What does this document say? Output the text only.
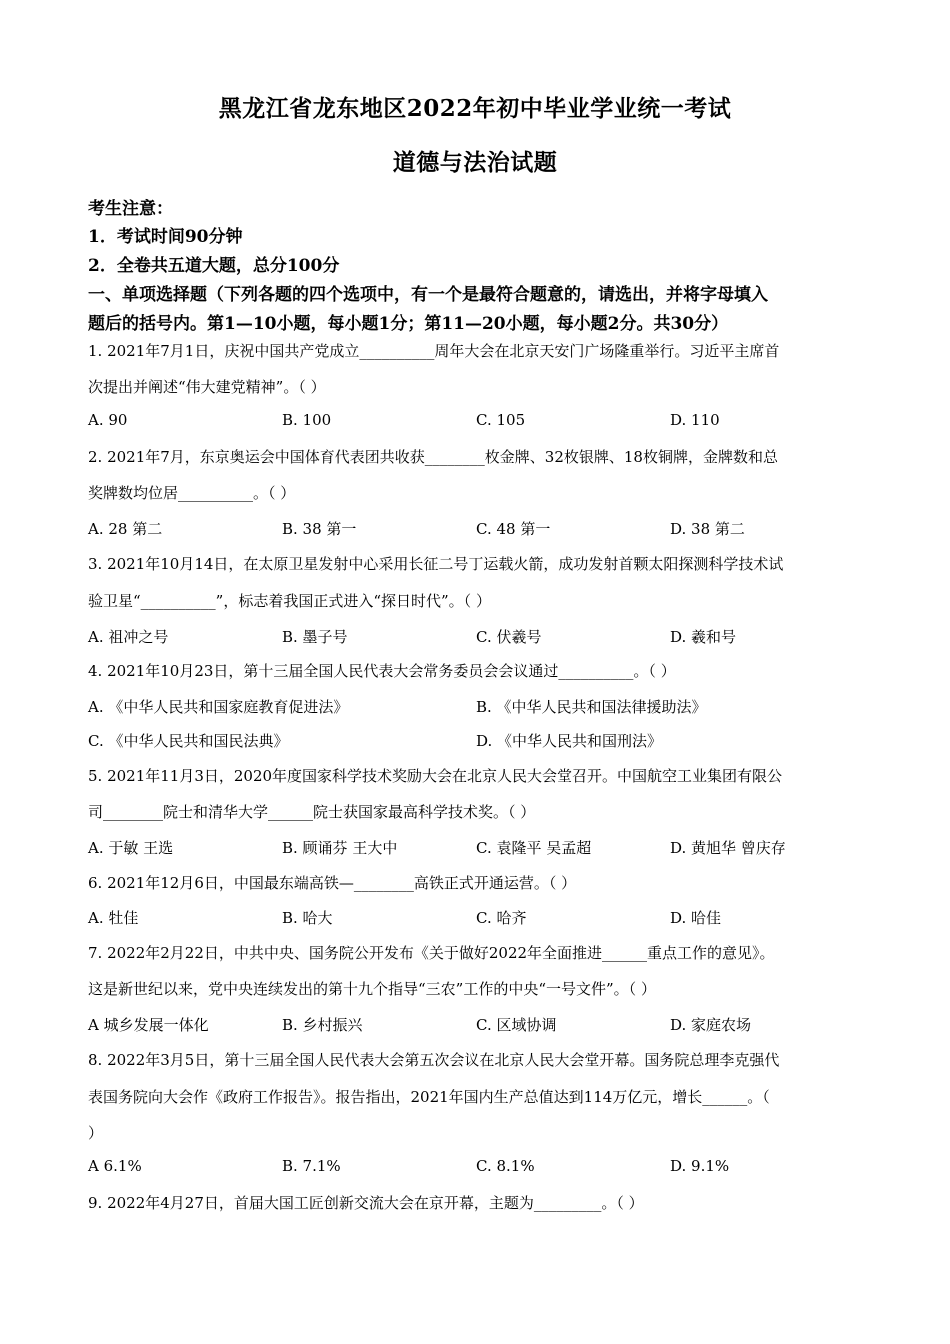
黑龙江省龙东地区2022年初中毕业学业统一考试
道德与法治试题
考生注意：
1．考试时间90分钟
2．全卷共五道大题，总分100分
一、单项选择题（下列各题的四个选项中，有一个是最符合题意的，请选出，并将字母填入
题后的括号内。第1—10小题，每小题1分；第11—20小题，每小题2分。共30分）
1. 2021年7月1日，庆祝中国共产党成立__________周年大会在北京天安门广场隆重举行。习近平主席首
次提出并阐述“伟大建党精神”。（ ）
A. 90	B. 100	C. 105	D. 110
2. 2021年7月，东京奥运会中国体育代表团共收获________枚金牌、32枚银牌、18枚铜牌，金牌数和总
奖牌数均位居__________。（ ）
A. 28 第二	B. 38 第一	C. 48 第一	D. 38 第二
3. 2021年10月14日，在太原卫星发射中心采用长征二号丁运载火箭，成功发射首颗太阳探测科学技术试
验卫星“__________”，标志着我国正式进入“探日时代”。（ ）
A. 祖冲之号	B. 墨子号	C. 伏羲号	D. 羲和号
4. 2021年10月23日，第十三届全国人民代表大会常务委员会会议通过__________。（ ）
A. 《中华人民共和国家庭教育促进法》	B. 《中华人民共和国法律援助法》
C. 《中华人民共和国民法典》	D. 《中华人民共和国刑法》
5. 2021年11月3日，2020年度国家科学技术奖励大会在北京人民大会堂召开。中国航空工业集团有限公
司________院士和清华大学______院士获国家最高科学技术奖。（ ）
A. 于敏 王选	B. 顾诵芬 王大中	C. 袁隆平 吴孟超	D. 黄旭华 曾庆存
6. 2021年12月6日，中国最东端高铁—________高铁正式开通运营。（ ）
A. 牡佳	B. 哈大	C. 哈齐	D. 哈佳
7. 2022年2月22日，中共中央、国务院公开发布《关于做好2022年全面推进______重点工作的意见》。
这是新世纪以来，党中央连续发出的第十九个指导“三农”工作的中央“一号文件”。（ ）
A 城乡发展一体化	B. 乡村振兴	C. 区域协调	D. 家庭农场
8. 2022年3月5日，第十三届全国人民代表大会第五次会议在北京人民大会堂开幕。国务院总理李克强代
表国务院向大会作《政府工作报告》。报告指出，2021年国内生产总值达到114万亿元，增长______。（
）
A 6.1%	B. 7.1%	C. 8.1%	D. 9.1%
9. 2022年4月27日，首届大国工匠创新交流大会在京开幕，主题为_________。（ ）
